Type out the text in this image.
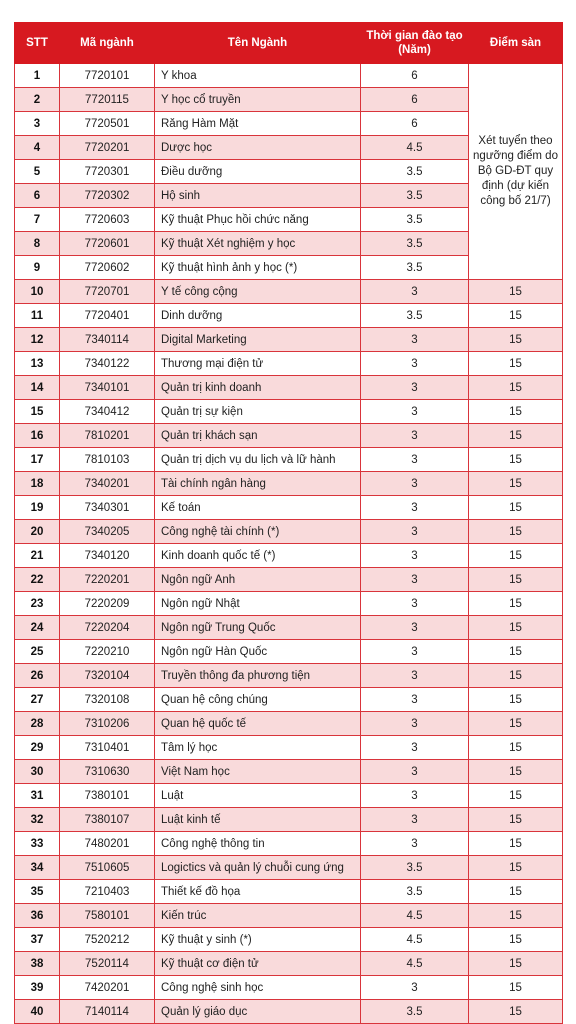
STT	Mã ngành	Tên Ngành	Thời gian đào tạo (Năm)	Điểm sàn
1	7720101	Y khoa	6	Xét tuyển theo ngưỡng điểm do Bộ GD-ĐT quy định (dự kiến công bố 21/7)
2	7720115	Y học cổ truyền	6	
3	7720501	Răng Hàm Mặt	6	
4	7720201	Dược học	4.5	
5	7720301	Điều dưỡng	3.5	
6	7720302	Hộ sinh	3.5	
7	7720603	Kỹ thuật Phục hồi chức năng	3.5	
8	7720601	Kỹ thuật Xét nghiệm y học	3.5	
9	7720602	Kỹ thuật hình ảnh y học (*)	3.5	
10	7720701	Y tế công cộng	3	15
11	7720401	Dinh dưỡng	3.5	15
12	7340114	Digital Marketing	3	15
13	7340122	Thương mại điện tử	3	15
14	7340101	Quản trị kinh doanh	3	15
15	7340412	Quản trị sự kiện	3	15
16	7810201	Quản trị khách sạn	3	15
17	7810103	Quản trị dịch vụ du lịch và lữ hành	3	15
18	7340201	Tài chính ngân hàng	3	15
19	7340301	Kế toán	3	15
20	7340205	Công nghệ tài chính (*)	3	15
21	7340120	Kinh doanh quốc tế (*)	3	15
22	7220201	Ngôn ngữ Anh	3	15
23	7220209	Ngôn ngữ Nhật	3	15
24	7220204	Ngôn ngữ Trung Quốc	3	15
25	7220210	Ngôn ngữ Hàn Quốc	3	15
26	7320104	Truyền thông đa phương tiện	3	15
27	7320108	Quan hệ công chúng	3	15
28	7310206	Quan hệ quốc tế	3	15
29	7310401	Tâm lý học	3	15
30	7310630	Việt Nam học	3	15
31	7380101	Luật	3	15
32	7380107	Luật kinh tế	3	15
33	7480201	Công nghệ thông tin	3	15
34	7510605	Logictics và quản lý chuỗi cung ứng	3.5	15
35	7210403	Thiết kế đồ họa	3.5	15
36	7580101	Kiến trúc	4.5	15
37	7520212	Kỹ thuật y sinh (*)	4.5	15
38	7520114	Kỹ thuật cơ điện tử	4.5	15
39	7420201	Công nghệ sinh học	3	15
40	7140114	Quản lý giáo dục	3.5	15
